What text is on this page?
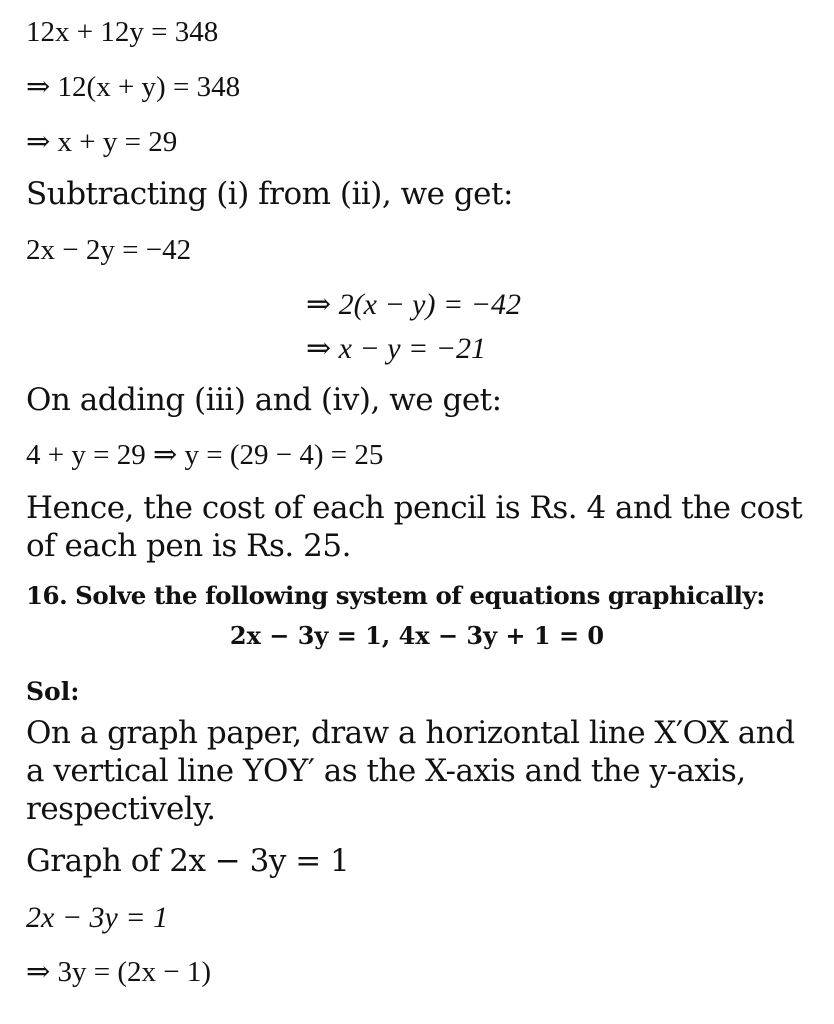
12x + 12y = 348
⇒ 12(x + y) = 348
⇒ x + y = 29
Subtracting (i) from (ii), we get:
2x − 2y = −42
⇒ 2(x − y) = −42
⇒ x − y = −21
On adding (iii) and (iv), we get:
4 + y = 29 ⇒ y = (29 − 4) = 25
Hence, the cost of each pencil is Rs. 4 and the cost of each pen is Rs. 25.
16. Solve the following system of equations graphically:
2x − 3y = 1, 4x − 3y + 1 = 0
Sol:
On a graph paper, draw a horizontal line X′OX and a vertical line YOY′ as the X-axis and the y-axis, respectively.
Graph of 2x − 3y = 1
2x − 3y = 1
⇒ 3y = (2x − 1)
